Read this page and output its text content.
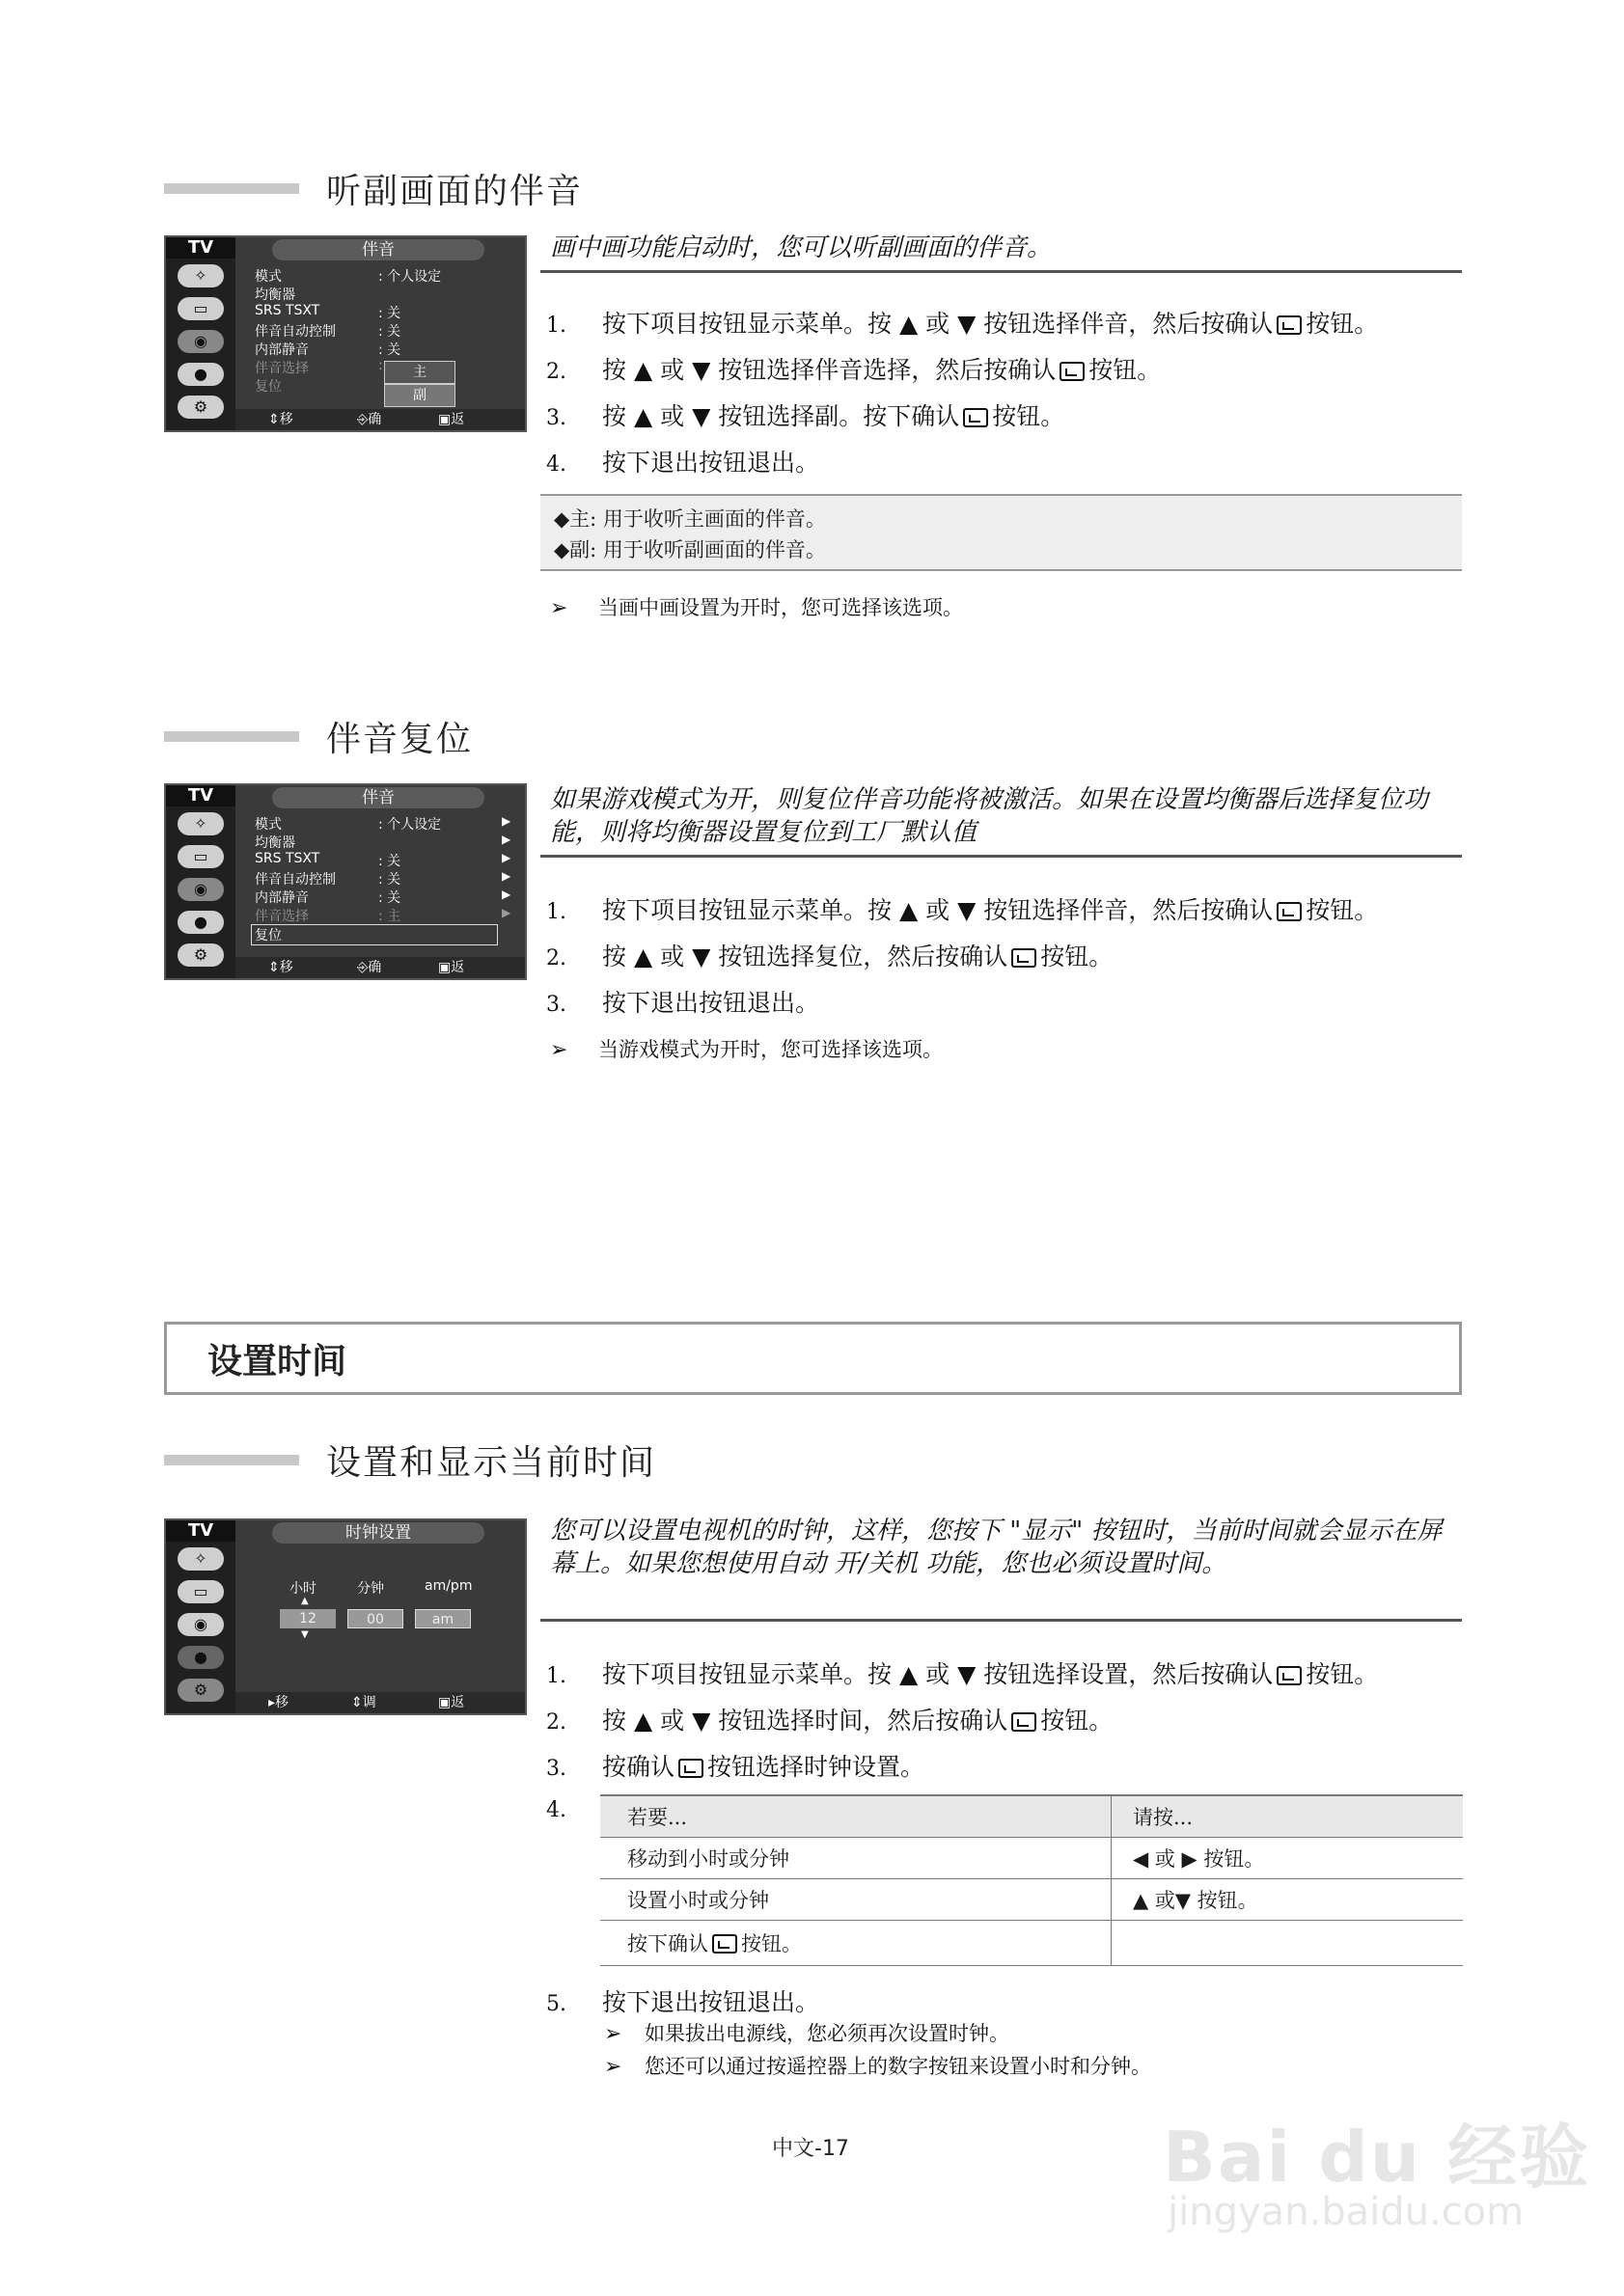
听副画面的伴音
TV
✧
▭
◉
●
⚙
伴音
模式	: 个人设定
均衡器
SRS TSXT	: 关
伴音自动控制	: 关
内部静音	: 关
伴音选择	:
复位
主
副
⇕ 移动
⎆ 确认
▣ 返回
画中画功能启动时，您可以听副画面的伴音。
1. 按下项目按钮显示菜单。按 ▲ 或 ▼ 按钮选择伴音，然后按确认 按钮。
2. 按 ▲ 或 ▼ 按钮选择伴音选择，然后按确认 按钮。
3. 按 ▲ 或 ▼ 按钮选择副。按下确认 按钮。
4. 按下退出按钮退出。
◆主: 用于收听主画面的伴音。
◆副: 用于收听副画面的伴音。
➢ 当画中画设置为开时，您可选择该选项。
伴音复位
TV
✧
▭
◉
●
⚙
伴音
模式	: 个人设定	▶
均衡器	▶
SRS TSXT	: 关	▶
伴音自动控制	: 关	▶
内部静音	: 关	▶
伴音选择	: 主	▶
复位
⇕ 移动
⎆ 确认
▣ 返回
如果游戏模式为开，则复位伴音功能将被激活。如果在设置均衡器后选择复位功能，则将均衡器设置复位到工厂默认值
1. 按下项目按钮显示菜单。按 ▲ 或 ▼ 按钮选择伴音，然后按确认 按钮。
2. 按 ▲ 或 ▼ 按钮选择复位，然后按确认 按钮。
3. 按下退出按钮退出。
➢ 当游戏模式为开时，您可选择该选项。
设置时间
设置和显示当前时间
TV
✧
▭
◉
●
⚙
时钟设置
小时	分钟	am/pm
▲
12	00	am
▼
▸ 移动
⇕ 调整
▣ 返回
您可以设置电视机的时钟，这样，您按下 "显示" 按钮时，当前时间就会显示在屏幕上。如果您想使用自动 开/关机 功能，您也必须设置时间。
1. 按下项目按钮显示菜单。按 ▲ 或 ▼ 按钮选择设置，然后按确认 按钮。
2. 按 ▲ 或 ▼ 按钮选择时间，然后按确认 按钮。
3. 按确认 按钮选择时钟设置。
4.	若要...	请按...
移动到小时或分钟	◀ 或 ▶ 按钮。
设置小时或分钟	▲ 或▼ 按钮。
按下确认 按钮。	
5. 按下退出按钮退出。
➢ 如果拔出电源线，您必须再次设置时钟。
➢ 您还可以通过按遥控器上的数字按钮来设置小时和分钟。
中文-17	Bai du 经验
jingyan.baidu.com
